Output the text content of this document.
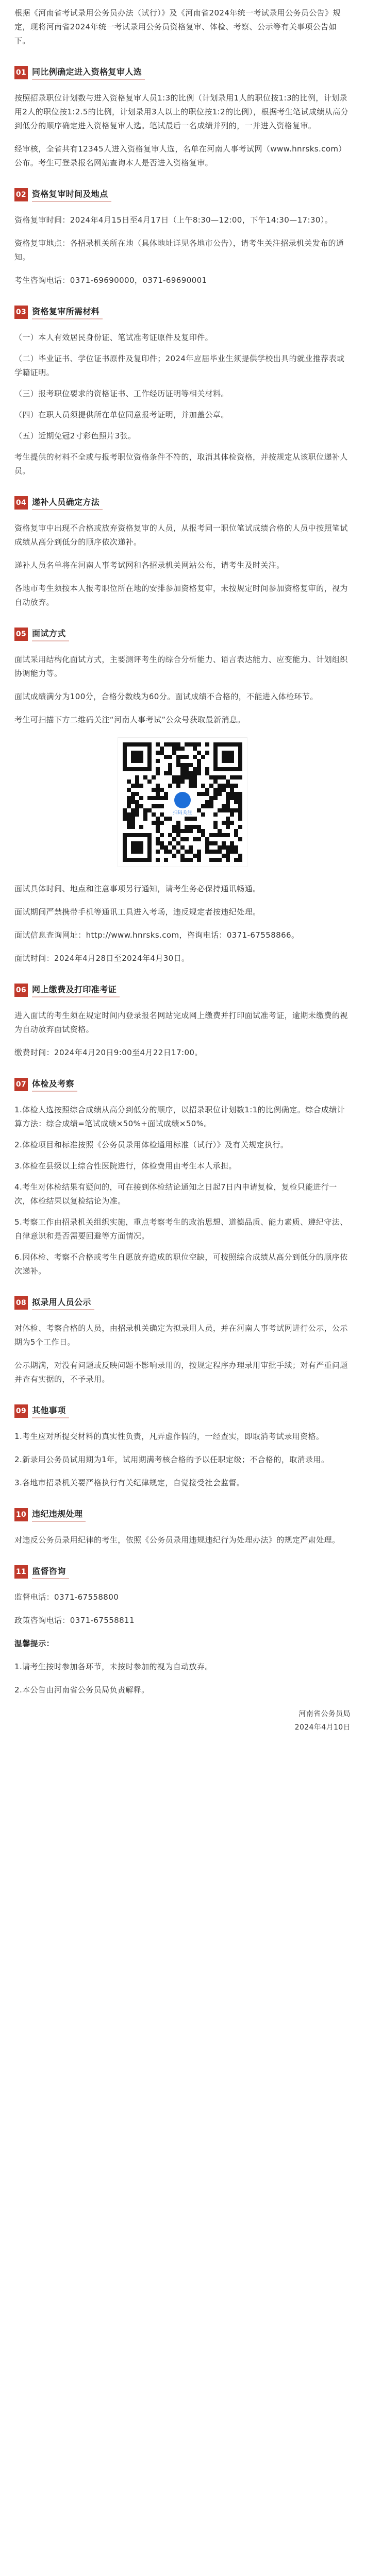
根据《河南省考试录用公务员办法（试行）》及《河南省2024年统一考试录用公务员公告》规定，现将河南省2024年统一考试录用公务员资格复审、体检、考察、公示等有关事项公告如下。

01 同比例确定进入资格复审人选

按照招录职位计划数与进入资格复审人员1:3的比例（计划录用1人的职位按1:3的比例，计划录用2人的职位按1:2.5的比例，计划录用3人以上的职位按1:2的比例），根据考生笔试成绩从高分到低分的顺序确定进入资格复审人选。笔试最后一名成绩并列的，一并进入资格复审。

经审核，全省共有12345人进入资格复审人选，名单在河南人事考试网（www.hnrsks.com）公布。考生可登录报名网站查询本人是否进入资格复审。

02 资格复审时间及地点

资格复审时间：2024年4月15日至4月17日（上午8:30—12:00，下午14:30—17:30）。

资格复审地点：各招录机关所在地（具体地址详见各地市公告），请考生关注招录机关发布的通知。

考生咨询电话：0371-69690000，0371-69690001

03 资格复审所需材料

（一）本人有效居民身份证、笔试准考证原件及复印件。

（二）毕业证书、学位证书原件及复印件；2024年应届毕业生须提供学校出具的就业推荐表或学籍证明。

（三）报考职位要求的资格证书、工作经历证明等相关材料。

（四）在职人员须提供所在单位同意报考证明，并加盖公章。

（五）近期免冠2寸彩色照片3张。

考生提供的材料不全或与报考职位资格条件不符的，取消其体检资格，并按规定从该职位递补人员。

04 递补人员确定方法

资格复审中出现不合格或放弃资格复审的人员，从报考同一职位笔试成绩合格的人员中按照笔试成绩从高分到低分的顺序依次递补。

递补人员名单将在河南人事考试网和各招录机关网站公布，请考生及时关注。

各地市考生须按本人报考职位所在地的安排参加资格复审，未按规定时间参加资格复审的，视为自动放弃。

05 面试方式

面试采用结构化面试方式，主要测评考生的综合分析能力、语言表达能力、应变能力、计划组织协调能力等。

面试成绩满分为100分，合格分数线为60分。面试成绩不合格的，不能进入体检环节。

考生可扫描下方二维码关注“河南人事考试”公众号获取最新消息。

扫码关注

面试具体时间、地点和注意事项另行通知，请考生务必保持通讯畅通。

面试期间严禁携带手机等通讯工具进入考场，违反规定者按违纪处理。

面试信息查询网址：http://www.hnrsks.com，咨询电话：0371-67558866。

面试时间：2024年4月28日至2024年4月30日。

06 网上缴费及打印准考证

进入面试的考生须在规定时间内登录报名网站完成网上缴费并打印面试准考证，逾期未缴费的视为自动放弃面试资格。

缴费时间：2024年4月20日9:00至4月22日17:00。

07 体检及考察

1.体检人选按照综合成绩从高分到低分的顺序，以招录职位计划数1:1的比例确定。综合成绩计算方法：综合成绩=笔试成绩×50%+面试成绩×50%。

2.体检项目和标准按照《公务员录用体检通用标准（试行）》及有关规定执行。

3.体检在县级以上综合性医院进行，体检费用由考生本人承担。

4.考生对体检结果有疑问的，可在接到体检结论通知之日起7日内申请复检，复检只能进行一次，体检结果以复检结论为准。

5.考察工作由招录机关组织实施，重点考察考生的政治思想、道德品质、能力素质、遵纪守法、自律意识和是否需要回避等方面情况。

6.因体检、考察不合格或考生自愿放弃造成的职位空缺，可按照综合成绩从高分到低分的顺序依次递补。

08 拟录用人员公示

对体检、考察合格的人员，由招录机关确定为拟录用人员，并在河南人事考试网进行公示，公示期为5个工作日。

公示期满，对没有问题或反映问题不影响录用的，按规定程序办理录用审批手续；对有严重问题并查有实据的，不予录用。

09 其他事项

1.考生应对所提交材料的真实性负责，凡弄虚作假的，一经查实，即取消考试录用资格。

2.新录用公务员试用期为1年，试用期满考核合格的予以任职定级；不合格的，取消录用。

3.各地市招录机关要严格执行有关纪律规定，自觉接受社会监督。

10 违纪违规处理

对违反公务员录用纪律的考生，依照《公务员录用违规违纪行为处理办法》的规定严肃处理。

11 监督咨询

监督电话：0371-67558800

政策咨询电话：0371-67558811

温馨提示：

1.请考生按时参加各环节，未按时参加的视为自动放弃。

2.本公告由河南省公务员局负责解释。

河南省公务员局
2024年4月10日
